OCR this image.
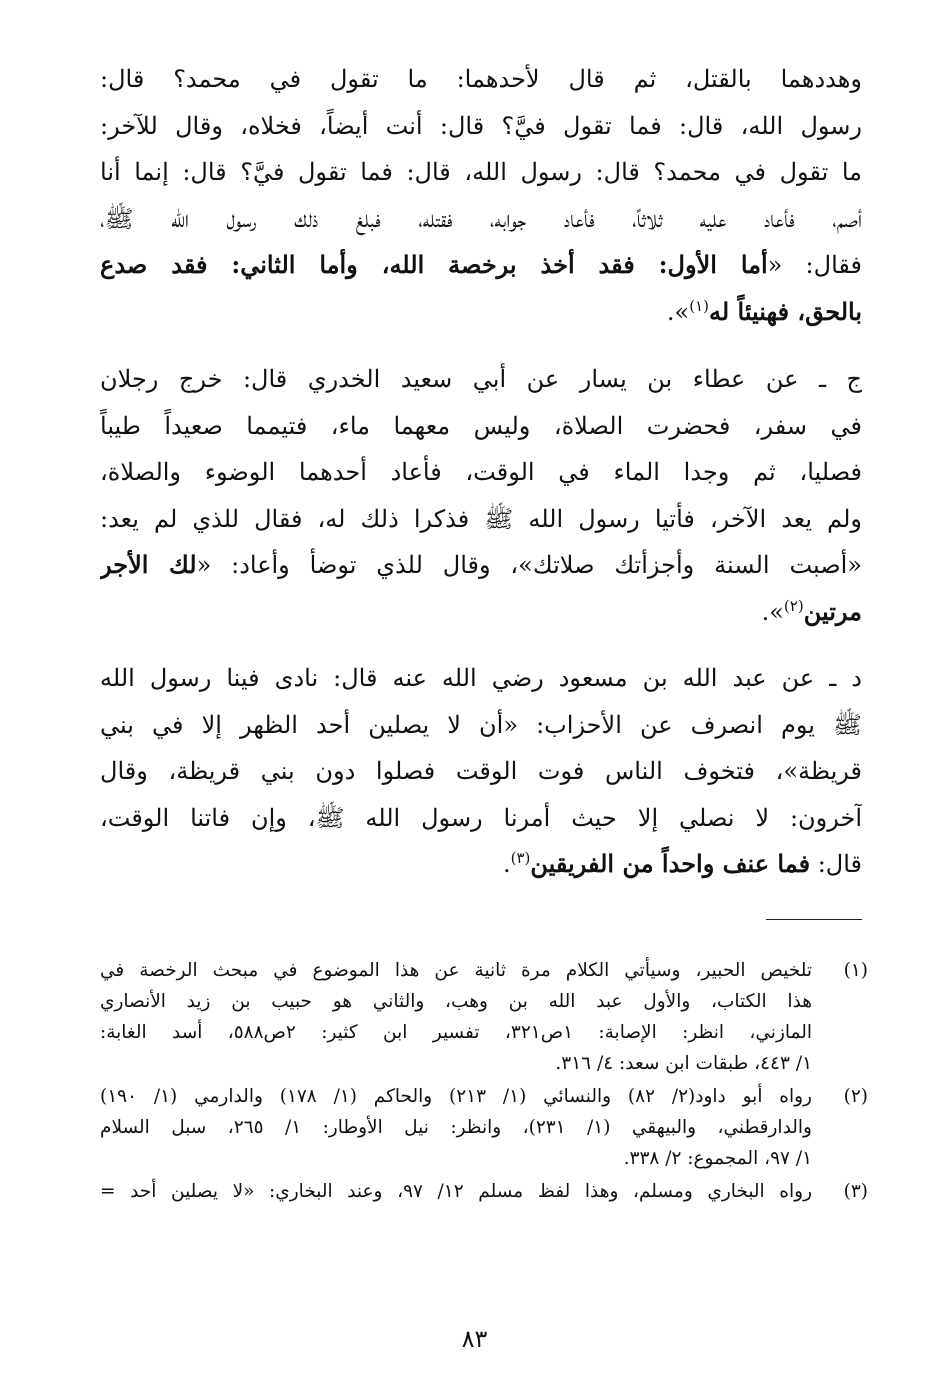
وهددهما بالقتل، ثم قال لأحدهما: ما تقول في محمد؟ قال:
رسول الله، قال: فما تقول فيَّ؟ قال: أنت أيضاً، فخلاه، وقال للآخر:
ما تقول في محمد؟ قال: رسول الله، قال: فما تقول فيَّ؟ قال: إنما أنا
أصم، فأعاد عليه ثلاثاً، فأعاد جوابه، فقتله، فبلغ ذلك رسول الله ﷺ،
فقال: «أما الأول: فقد أخذ برخصة الله، وأما الثاني: فقد صدع
بالحق، فهنيئاً له$^{(١)}$».
ج ـ عن عطاء بن يسار عن أبي سعيد الخدري قال: خرج رجلان
في سفر، فحضرت الصلاة، وليس معهما ماء، فتيمما صعيداً طيباً
فصليا، ثم وجدا الماء في الوقت، فأعاد أحدهما الوضوء والصلاة،
ولم يعد الآخر، فأتيا رسول الله ﷺ فذكرا ذلك له، فقال للذي لم يعد:
«أصبت السنة وأجزأتك صلاتك»، وقال للذي توضأ وأعاد: «لك الأجر
مرتين$^{(٢)}$».
د ـ عن عبد الله بن مسعود رضي الله عنه قال: نادى فينا رسول الله
ﷺ يوم انصرف عن الأحزاب: «أن لا يصلين أحد الظهر إلا في بني
قريظة»، فتخوف الناس فوت الوقت فصلوا دون بني قريظة، وقال
آخرون: لا نصلي إلا حيث أمرنا رسول الله ﷺ، وإن فاتنا الوقت،
قال: فما عنف واحداً من الفريقين$^{(٣)}$.
(١)
تلخيص الحبير، وسيأتي الكلام مرة ثانية عن هذا الموضوع في مبحث الرخصة في
هذا الكتاب، والأول عبد الله بن وهب، والثاني هو حبيب بن زيد الأنصاري
المازني، انظر: الإصابة: ١ص٣٢١، تفسير ابن كثير: ٢ص٥٨٨، أسد الغابة:
١/ ٤٤٣، طبقات ابن سعد: ٤/ ٣١٦.
(٢)
رواه أبو داود(٢/ ٨٢) والنسائي (١/ ٢١٣) والحاكم (١/ ١٧٨) والدارمي (١/ ١٩٠)
والدارقطني، والبيهقي (١/ ٢٣١)، وانظر: نيل الأوطار: ١/ ٢٦٥، سبل السلام
١/ ٩٧، المجموع: ٢/ ٣٣٨.
(٣)
رواه البخاري ومسلم، وهذا لفظ مسلم ١٢/ ٩٧، وعند البخاري: «لا يصلين أحد =
٨٣
